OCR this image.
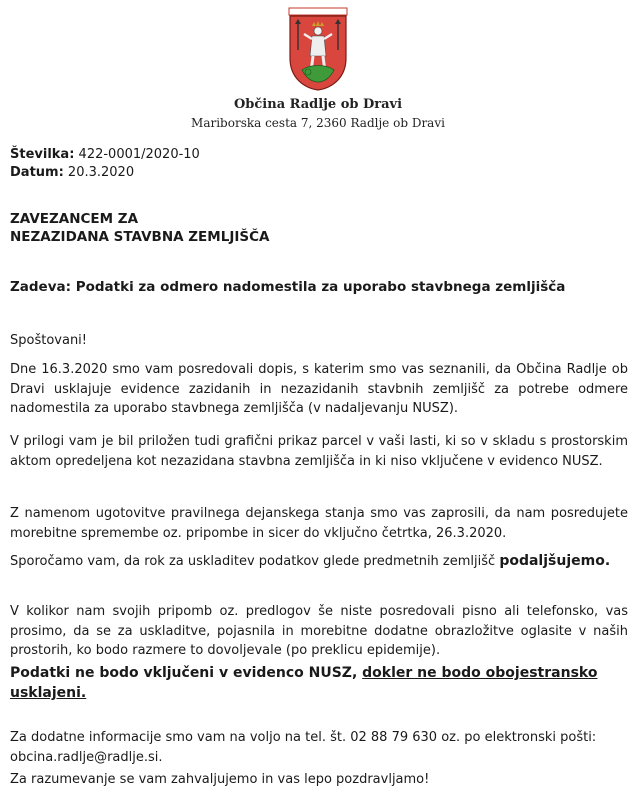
Občina Radlje ob Dravi
Mariborska cesta 7, 2360 Radlje ob Dravi
Številka: 422-0001/2020-10
Datum: 20.3.2020
ZAVEZANCEM ZA
NEZAZIDANA STAVBNA ZEMLJIŠČA
Zadeva: Podatki za odmero nadomestila za uporabo stavbnega zemljišča
Spoštovani!

Dne 16.3.2020 smo vam posredovali dopis, s katerim smo vas seznanili, da Občina Radlje ob Dravi usklajuje evidence zazidanih in nezazidanih stavbnih zemljišč za potrebe odmere nadomestila za uporabo stavbnega zemljišča (v nadaljevanju NUSZ).

V prilogi vam je bil priložen tudi grafični prikaz parcel v vaši lasti, ki so v skladu s prostorskim aktom opredeljena kot nezazidana stavbna zemljišča in ki niso vključene v evidenco NUSZ.

Z namenom ugotovitve pravilnega dejanskega stanja smo vas zaprosili, da nam posredujete morebitne spremembe oz. pripombe in sicer do vključno četrtka, 26.3.2020.

Sporočamo vam, da rok za uskladitev podatkov glede predmetnih zemljišč podaljšujemo.

V kolikor nam svojih pripomb oz. predlogov še niste posredovali pisno ali telefonsko, vas prosimo, da se za uskladitve, pojasnila in morebitne dodatne obrazložitve oglasite v naših prostorih, ko bodo razmere to dovoljevale (po preklicu epidemije).

Podatki ne bodo vključeni v evidenco NUSZ, dokler ne bodo obojestransko usklajeni.
Za dodatne informacije smo vam na voljo na tel. št. 02 88 79 630 oz. po elektronski pošti: obcina.radlje@radlje.si.
Za razumevanje se vam zahvaljujemo in vas lepo pozdravljamo!
